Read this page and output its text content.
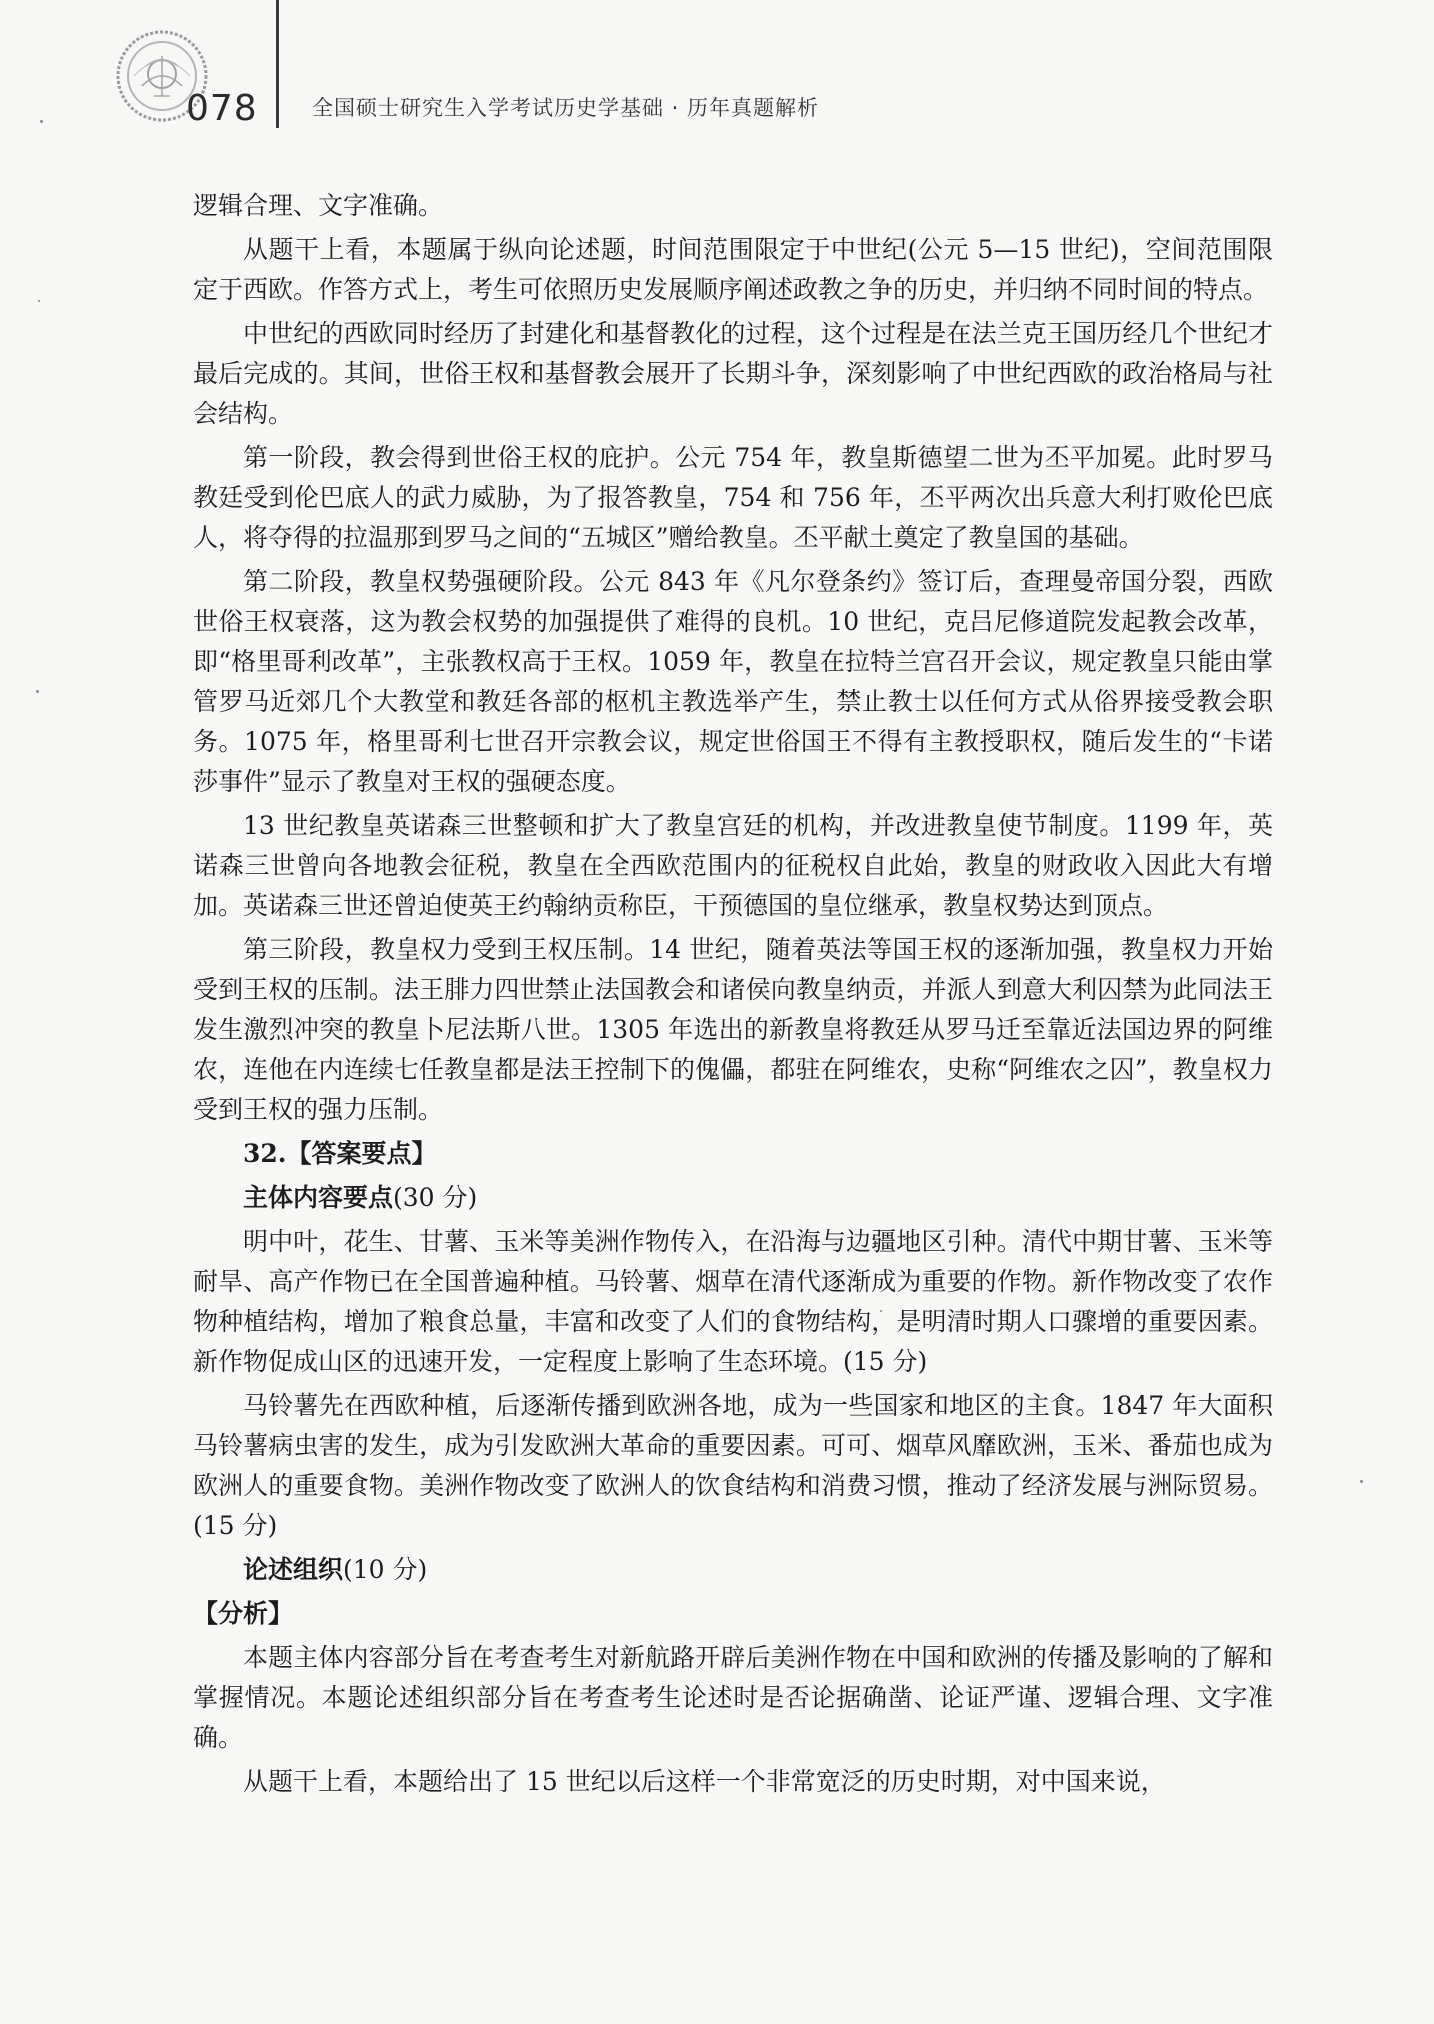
078	全国硕士研究生入学考试历史学基础 · 历年真题解析

逻辑合理、文字准确。

从题干上看，本题属于纵向论述题，时间范围限定于中世纪(公元 5—15 世纪)，空间范围限定于西欧。作答方式上，考生可依照历史发展顺序阐述政教之争的历史，并归纳不同时间的特点。

中世纪的西欧同时经历了封建化和基督教化的过程，这个过程是在法兰克王国历经几个世纪才最后完成的。其间，世俗王权和基督教会展开了长期斗争，深刻影响了中世纪西欧的政治格局与社会结构。

第一阶段，教会得到世俗王权的庇护。公元 754 年，教皇斯德望二世为丕平加冕。此时罗马教廷受到伦巴底人的武力威胁，为了报答教皇，754 和 756 年，丕平两次出兵意大利打败伦巴底人，将夺得的拉温那到罗马之间的“五城区”赠给教皇。丕平献土奠定了教皇国的基础。

第二阶段，教皇权势强硬阶段。公元 843 年《凡尔登条约》签订后，查理曼帝国分裂，西欧世俗王权衰落，这为教会权势的加强提供了难得的良机。10 世纪，克吕尼修道院发起教会改革，即“格里哥利改革”，主张教权高于王权。1059 年，教皇在拉特兰宫召开会议，规定教皇只能由掌管罗马近郊几个大教堂和教廷各部的枢机主教选举产生，禁止教士以任何方式从俗界接受教会职务。1075 年，格里哥利七世召开宗教会议，规定世俗国王不得有主教授职权，随后发生的“卡诺莎事件”显示了教皇对王权的强硬态度。

13 世纪教皇英诺森三世整顿和扩大了教皇宫廷的机构，并改进教皇使节制度。1199 年，英诺森三世曾向各地教会征税，教皇在全西欧范围内的征税权自此始，教皇的财政收入因此大有增加。英诺森三世还曾迫使英王约翰纳贡称臣，干预德国的皇位继承，教皇权势达到顶点。

第三阶段，教皇权力受到王权压制。14 世纪，随着英法等国王权的逐渐加强，教皇权力开始受到王权的压制。法王腓力四世禁止法国教会和诸侯向教皇纳贡，并派人到意大利囚禁为此同法王发生激烈冲突的教皇卜尼法斯八世。1305 年选出的新教皇将教廷从罗马迁至靠近法国边界的阿维农，连他在内连续七任教皇都是法王控制下的傀儡，都驻在阿维农，史称“阿维农之囚”，教皇权力受到王权的强力压制。

32.【答案要点】

主体内容要点(30 分)

明中叶，花生、甘薯、玉米等美洲作物传入，在沿海与边疆地区引种。清代中期甘薯、玉米等耐旱、高产作物已在全国普遍种植。马铃薯、烟草在清代逐渐成为重要的作物。新作物改变了农作物种植结构，增加了粮食总量，丰富和改变了人们的食物结构，是明清时期人口骤增的重要因素。新作物促成山区的迅速开发，一定程度上影响了生态环境。(15 分)

马铃薯先在西欧种植，后逐渐传播到欧洲各地，成为一些国家和地区的主食。1847 年大面积马铃薯病虫害的发生，成为引发欧洲大革命的重要因素。可可、烟草风靡欧洲，玉米、番茄也成为欧洲人的重要食物。美洲作物改变了欧洲人的饮食结构和消费习惯，推动了经济发展与洲际贸易。(15 分)

论述组织(10 分)

【分析】

本题主体内容部分旨在考查考生对新航路开辟后美洲作物在中国和欧洲的传播及影响的了解和掌握情况。本题论述组织部分旨在考查考生论述时是否论据确凿、论证严谨、逻辑合理、文字准确。

从题干上看，本题给出了 15 世纪以后这样一个非常宽泛的历史时期，对中国来说，
